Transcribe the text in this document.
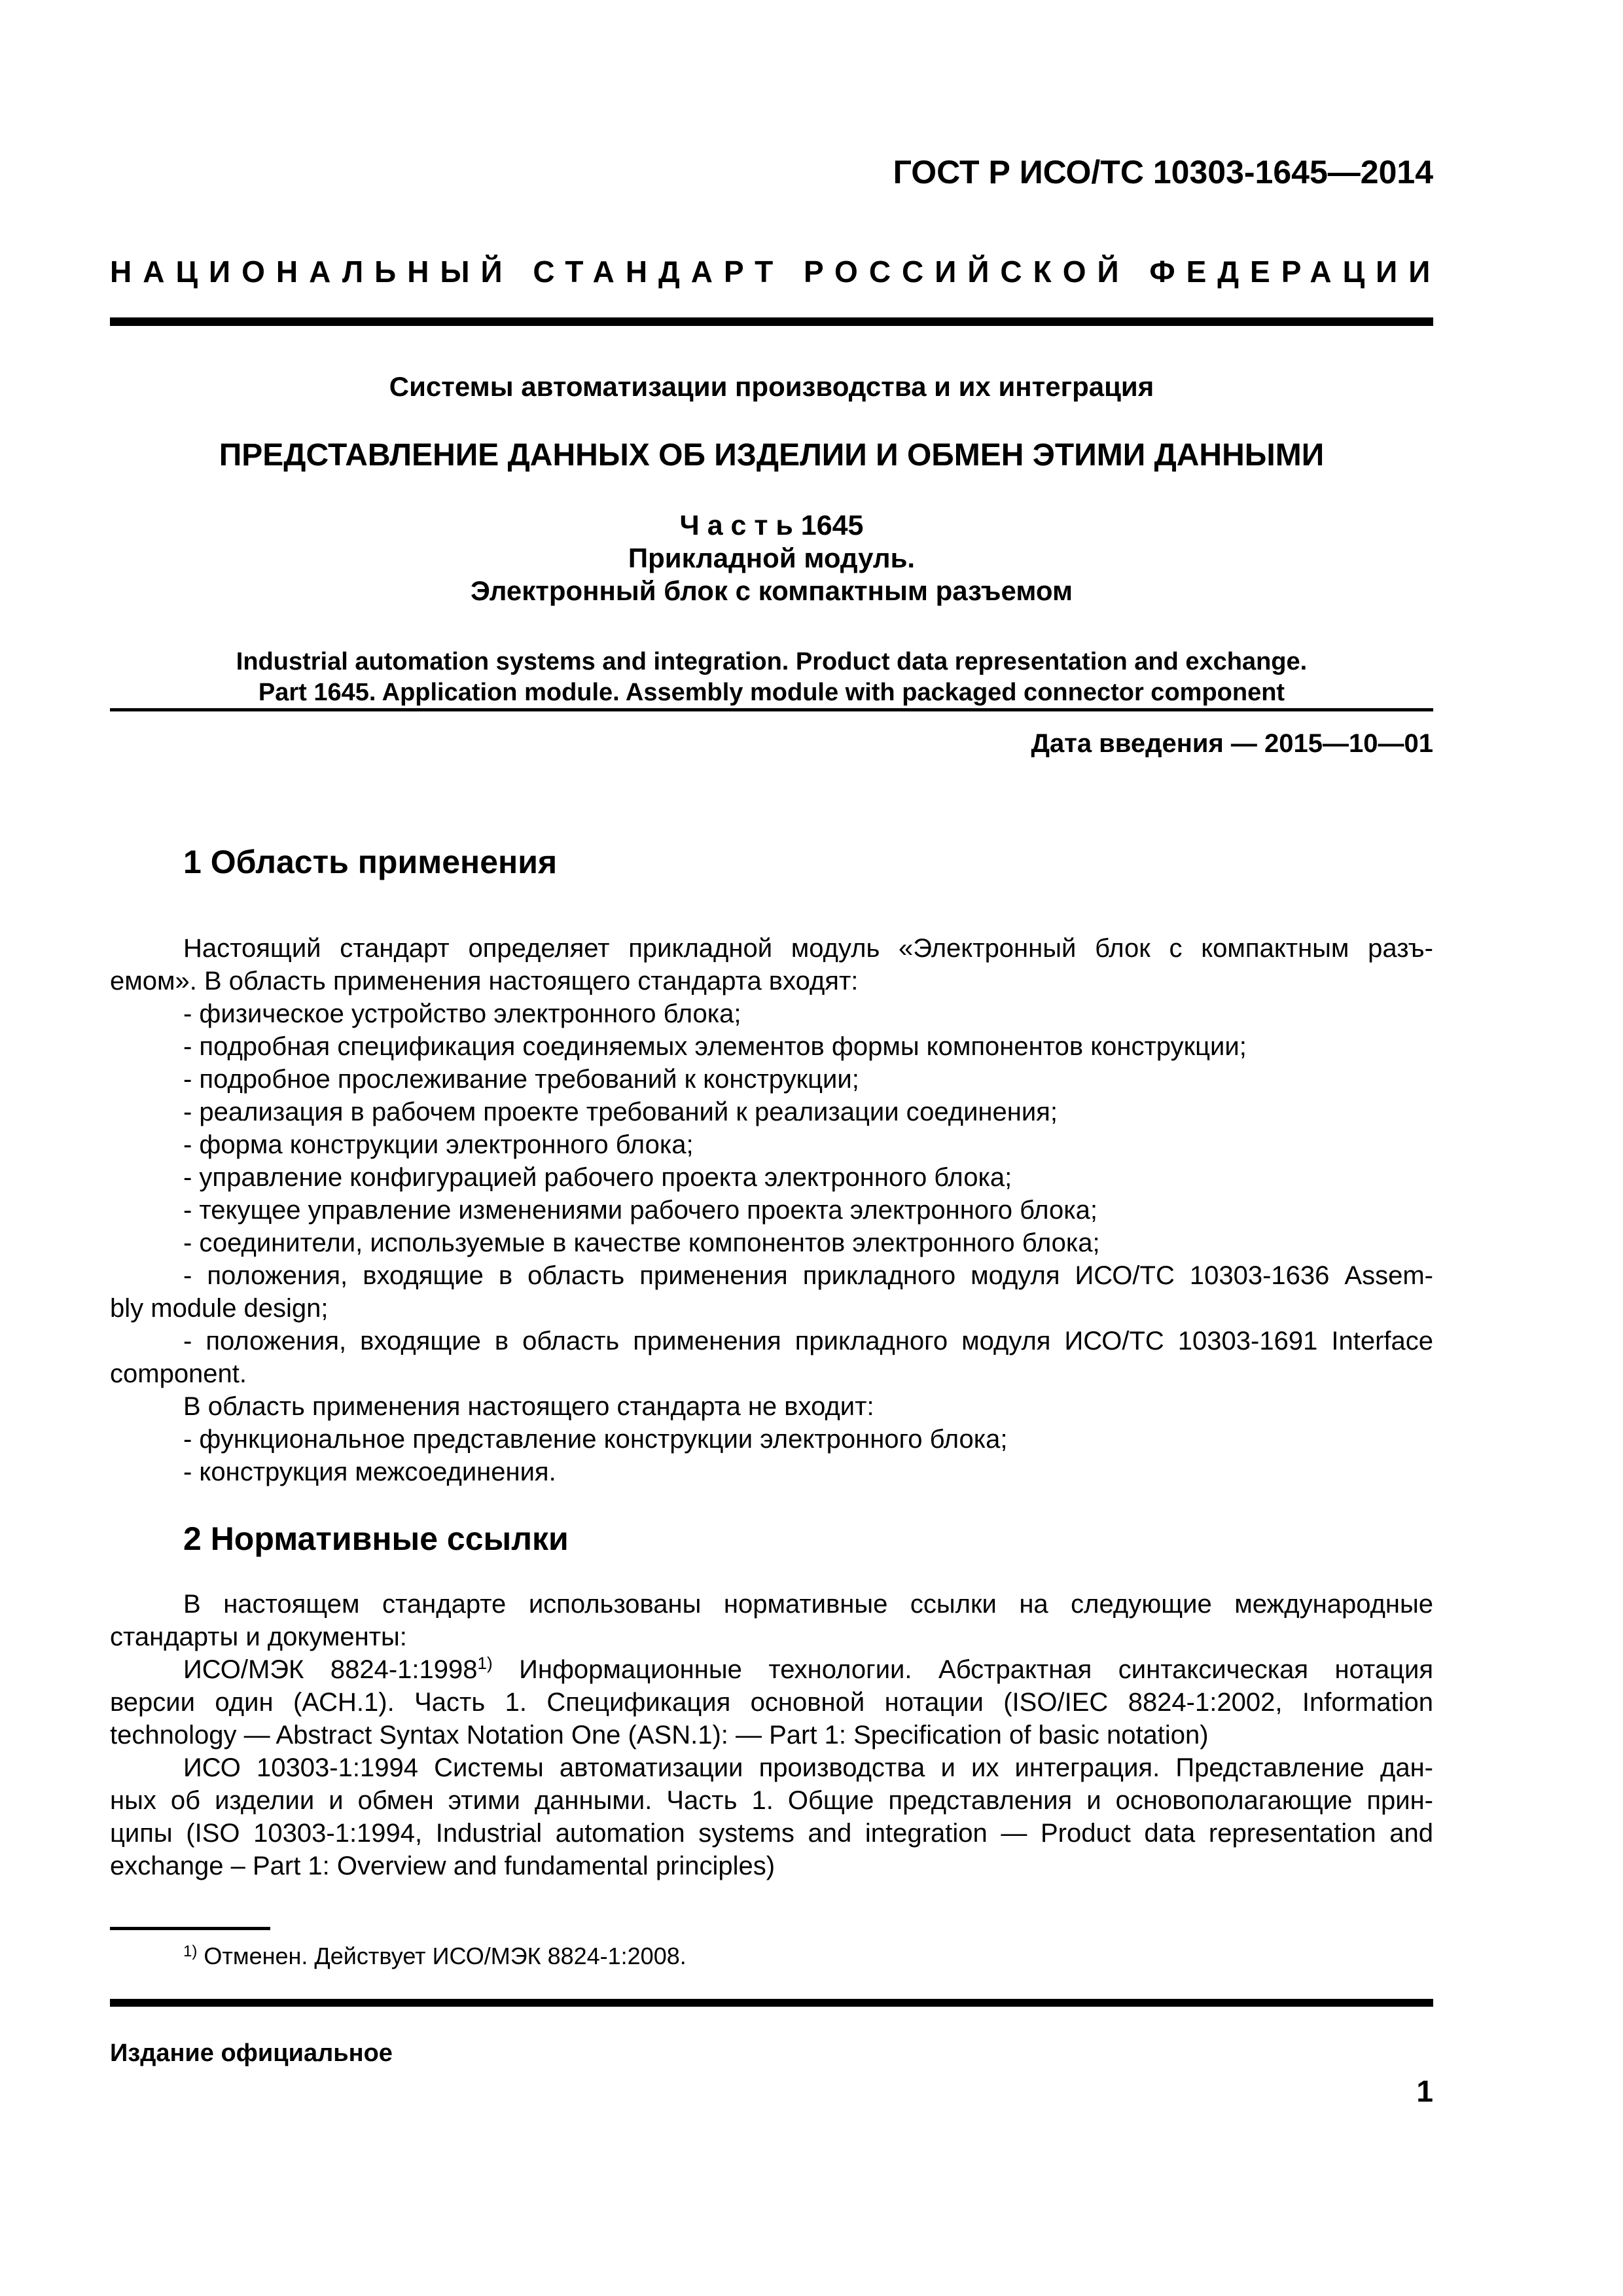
ГОСТ Р ИСО/ТС 10303-1645—2014
НАЦИОНАЛЬНЫЙ СТАНДАРТ РОССИЙСКОЙ ФЕДЕРАЦИИ
Системы автоматизации производства и их интеграция
ПРЕДСТАВЛЕНИЕ ДАННЫХ ОБ ИЗДЕЛИИ И ОБМЕН ЭТИМИ ДАННЫМИ
Ч а с т ь 1645
Прикладной модуль.
Электронный блок с компактным разъемом
Industrial automation systems and integration. Product data representation and exchange.
Part 1645. Application module. Assembly module with packaged connector component
Дата введения — 2015—10—01
1 Область применения
Настоящий стандарт определяет прикладной модуль «Электронный блок с компактным разъ-
емом». В область применения настоящего стандарта входят:
- физическое устройство электронного блока;
- подробная спецификация соединяемых элементов формы компонентов конструкции;
- подробное прослеживание требований к конструкции;
- реализация в рабочем проекте требований к реализации соединения;
- форма конструкции электронного блока;
- управление конфигурацией рабочего проекта электронного блока;
- текущее управление изменениями рабочего проекта электронного блока;
- соединители, используемые в качестве компонентов электронного блока;
- положения, входящие в область применения прикладного модуля ИСО/ТС 10303-1636 Assem-
bly module design;
- положения, входящие в область применения прикладного модуля ИСО/ТС 10303-1691 Interface
component.
В область применения настоящего стандарта не входит:
- функциональное представление конструкции электронного блока;
- конструкция межсоединения.
2 Нормативные ссылки
В настоящем стандарте использованы нормативные ссылки на следующие международные
стандарты и документы:
ИСО/МЭК 8824-1:1998$^{1)}$ Информационные технологии. Абстрактная синтаксическая нотация
версии один (АСН.1). Часть 1. Спецификация основной нотации (ISO/IEC 8824-1:2002, Information
technology — Abstract Syntax Notation One (ASN.1): — Part 1: Specification of basic notation)
ИСО 10303-1:1994 Системы автоматизации производства и их интеграция. Представление дан-
ных об изделии и обмен этими данными. Часть 1. Общие представления и основополагающие прин-
ципы (ISO 10303-1:1994, Industrial automation systems and integration — Product data representation and
exchange – Part 1: Overview and fundamental principles)
$^{1)}$ Отменен. Действует ИСО/МЭК 8824-1:2008.
Издание официальное
1
